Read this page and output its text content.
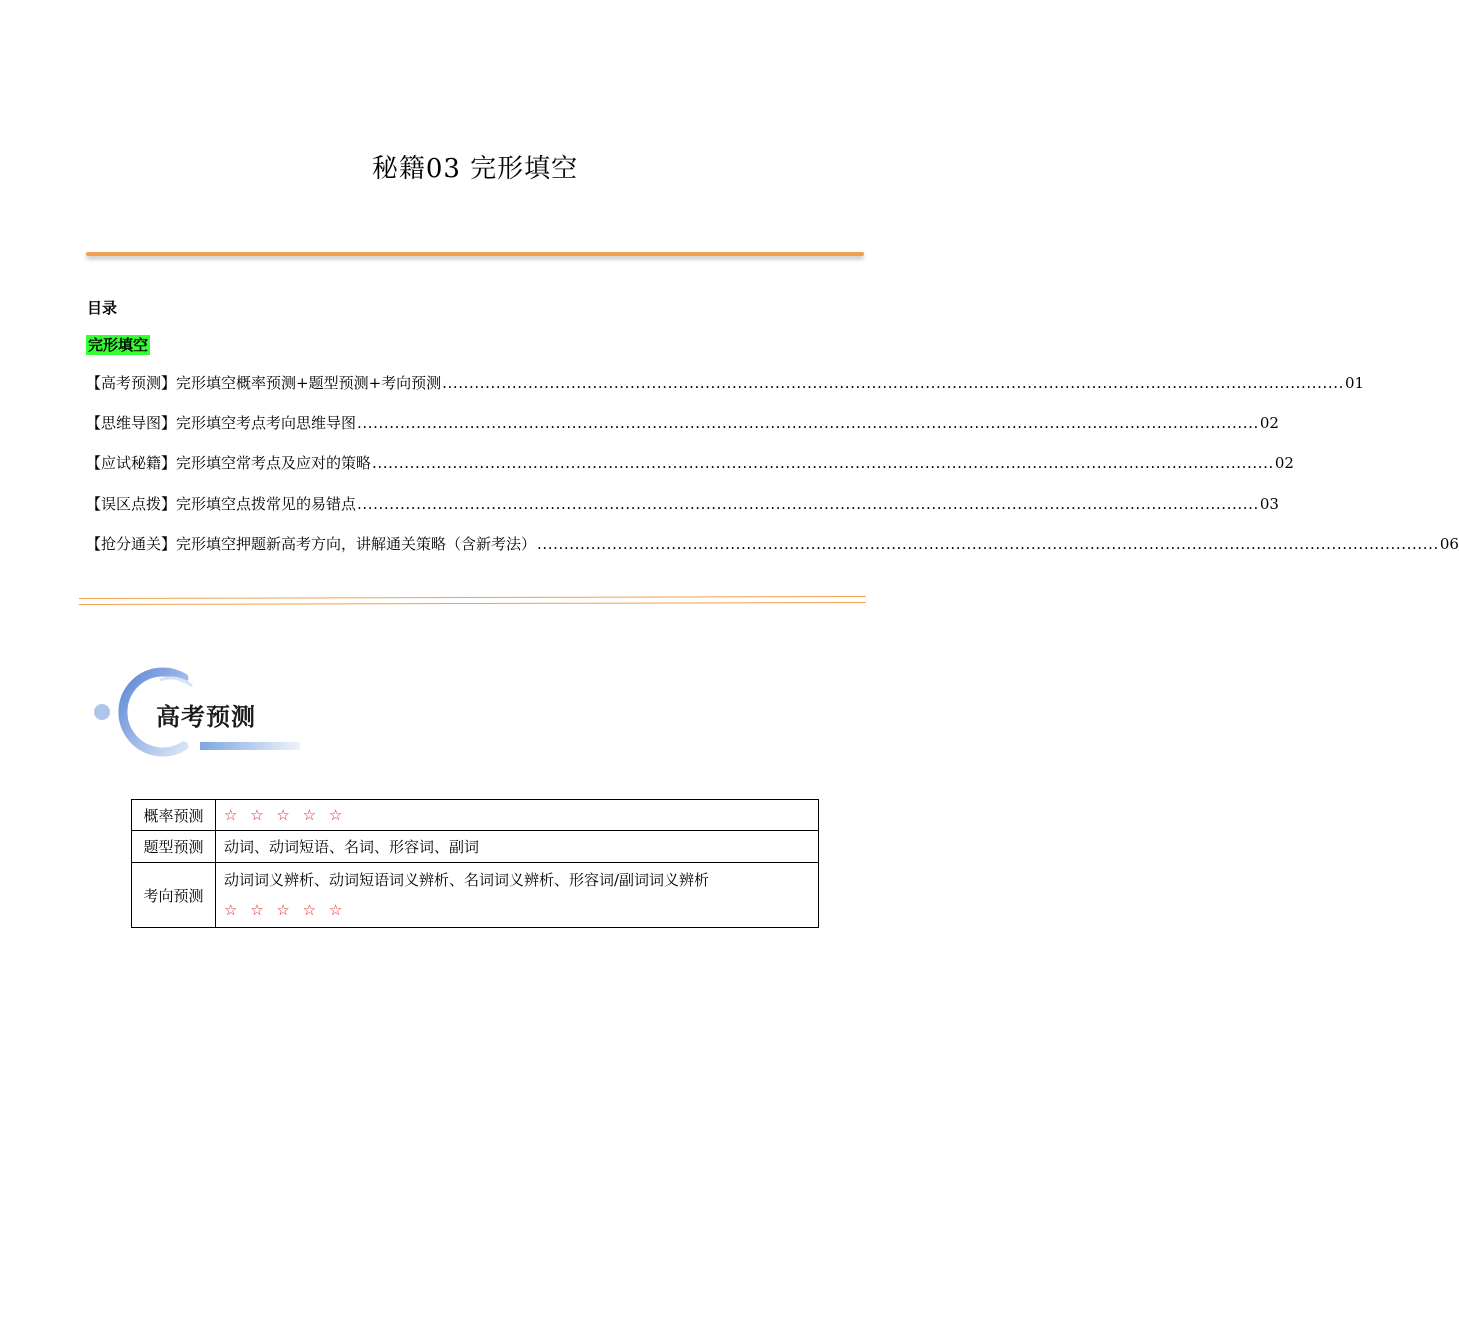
秘籍03 完形填空
目录
完形填空
【高考预测】完形填空概率预测+题型预测+考向预测 ........................................................................................................................................................................ 01
【思维导图】完形填空考点考向思维导图 ........................................................................................................................................................................ 02
【应试秘籍】完形填空常考点及应对的策略 ........................................................................................................................................................................ 02
【误区点拨】完形填空点拨常见的易错点 ........................................................................................................................................................................ 03
【抢分通关】完形填空押题新高考方向，讲解通关策略（含新考法） ........................................................................................................................................................................ 06
高考预测
概率预测	☆ ☆ ☆ ☆ ☆
题型预测	动词、动词短语、名词、形容词、副词
考向预测	动词词义辨析、动词短语词义辨析、名词词义辨析、形容词/副词词义辨析
☆ ☆ ☆ ☆ ☆
